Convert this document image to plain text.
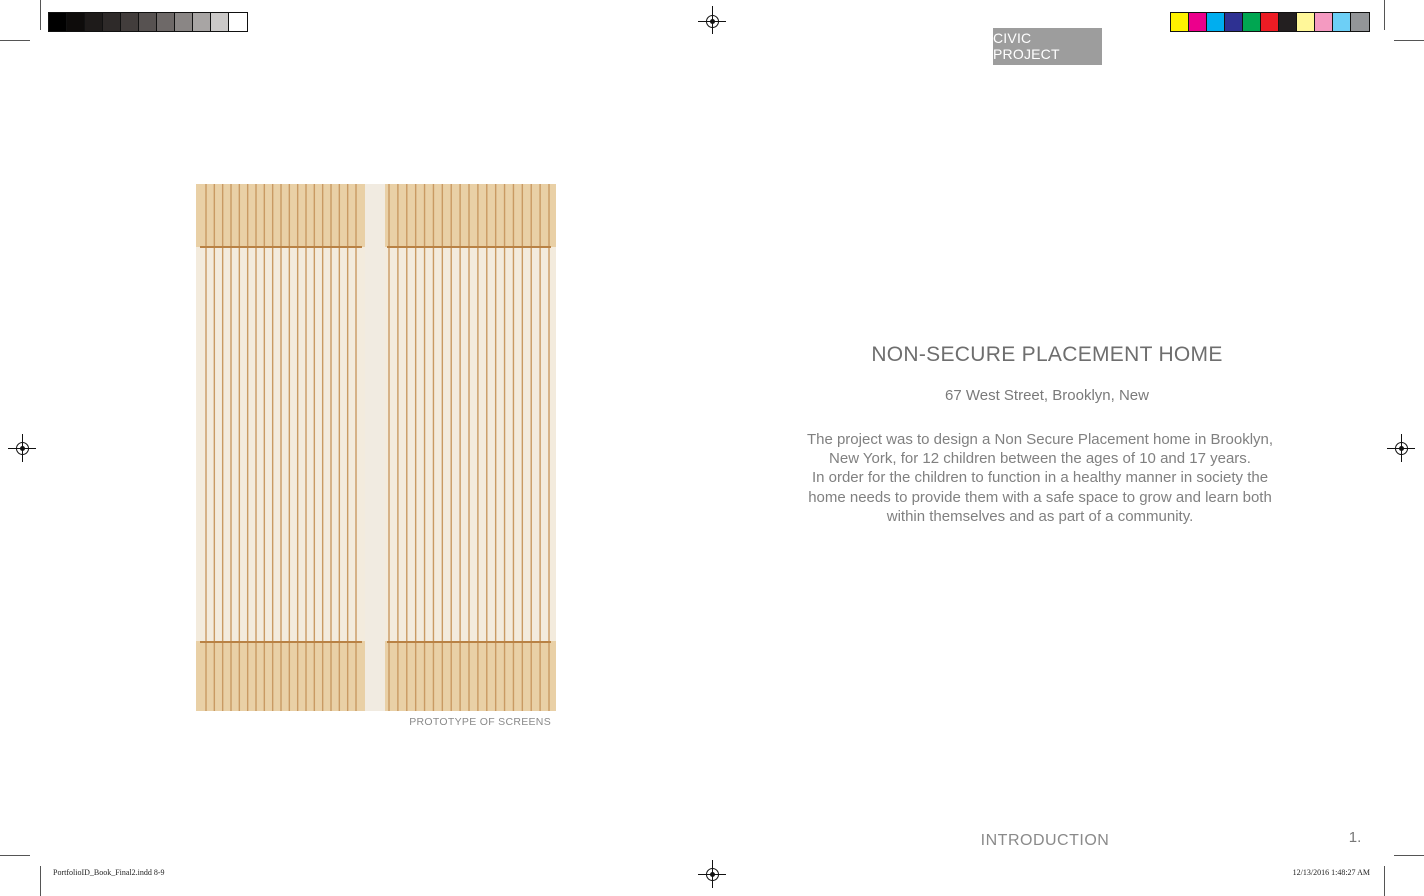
CIVIC PROJECT
PROTOTYPE OF SCREENS
NON-SECURE PLACEMENT HOME
67 West Street, Brooklyn, New

The project was to design a Non Secure Placement home in Brooklyn, New York, for 12 children between the ages of 10 and 17 years.

In order for the children to function in a healthy manner in society the home needs to provide them with a safe space to grow and learn both within themselves and as part of a community.

INTRODUCTION	1.
PortfolioID_Book_Final2.indd 8-9	12/13/2016 1:48:27 AM
